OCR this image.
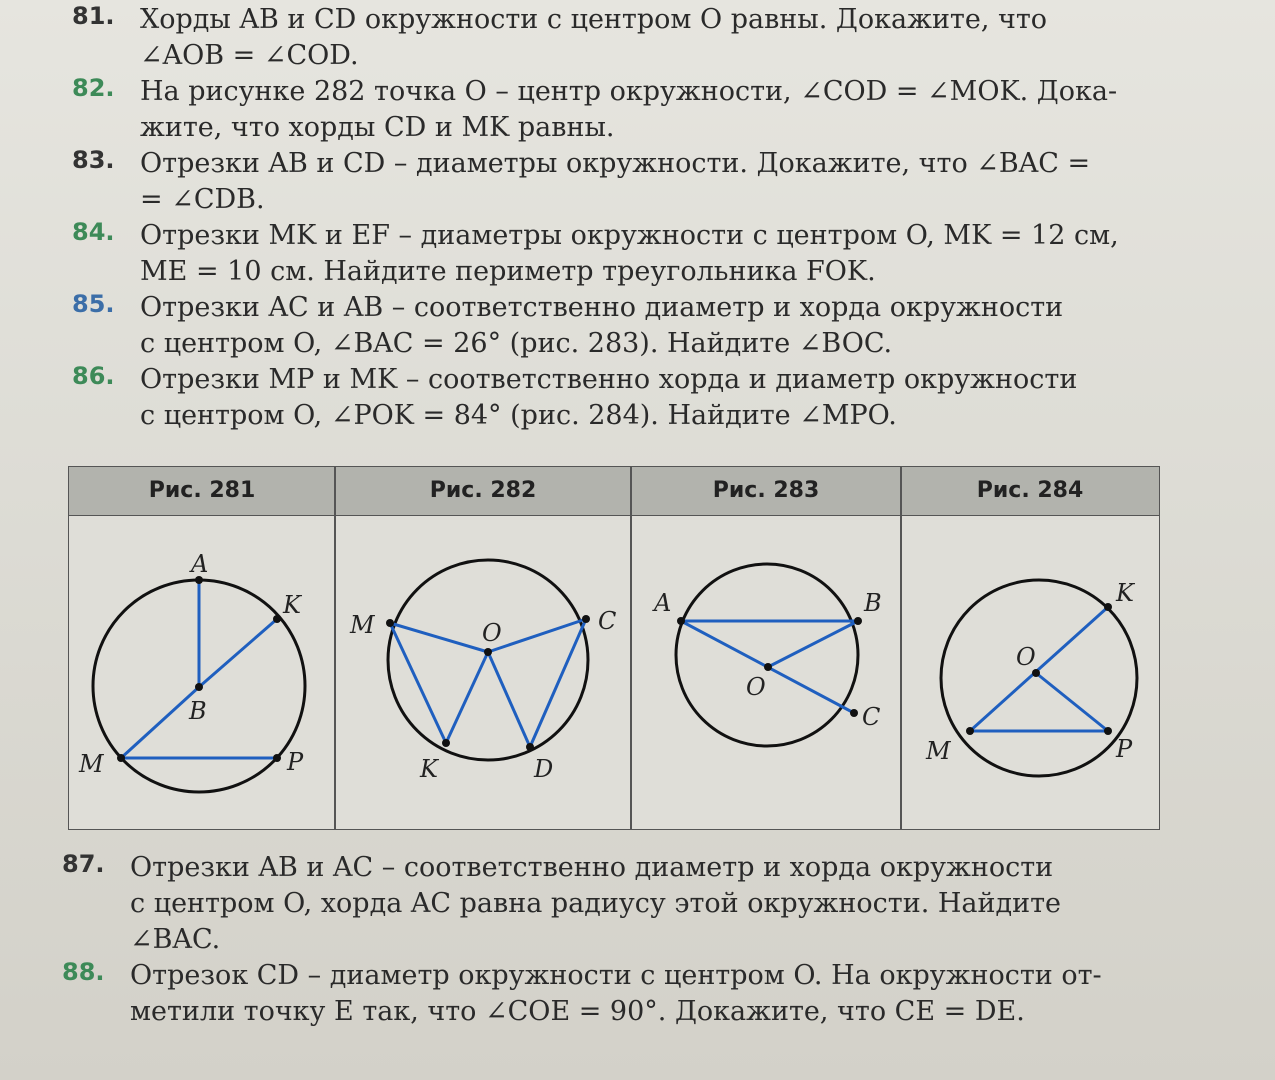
81. Хорды AB и CD окружности с центром O равны. Докажите, что
∠AOB = ∠COD.
82. На рисунке 282 точка O – центр окружности, ∠COD = ∠MOK. Дока-
жите, что хорды CD и MK равны.
83. Отрезки AB и CD – диаметры окружности. Докажите, что ∠BAC =
= ∠CDB.
84. Отрезки MK и EF – диаметры окружности с центром O, MK = 12 см,
ME = 10 см. Найдите периметр треугольника FOK.
85. Отрезки AC и AB – соответственно диаметр и хорда окружности
с центром O, ∠BAC = 26° (рис. 283). Найдите ∠BOC.
86. Отрезки MP и MK – соответственно хорда и диаметр окружности
с центром O, ∠POK = 84° (рис. 284). Найдите ∠MPO.
Рис. 281	Рис. 282	Рис. 283	Рис. 284
A
K
B
M	P
M	O	C
K	D
A	B
O
C
K
O
M	P
87. Отрезки AB и AC – соответственно диаметр и хорда окружности
с центром O, хорда AC равна радиусу этой окружности. Найдите
∠BAC.
88. Отрезок CD – диаметр окружности с центром O. На окружности от-
метили точку E так, что ∠COE = 90°. Докажите, что CE = DE.
